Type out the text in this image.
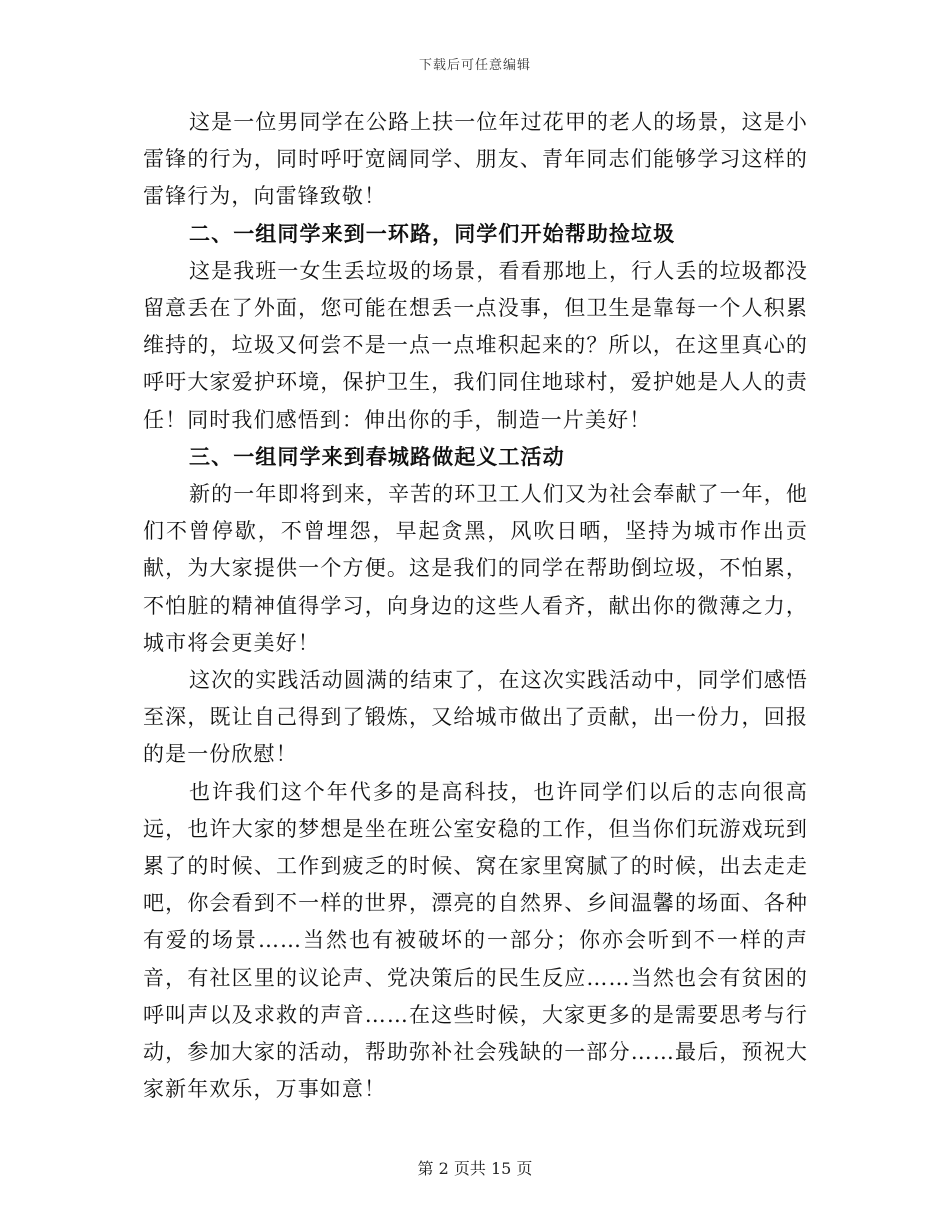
下载后可任意编辑

这是一位男同学在公路上扶一位年过花甲的老人的场景，这是小雷锋的行为，同时呼吁宽阔同学、朋友、青年同志们能够学习这样的雷锋行为，向雷锋致敬！

二、一组同学来到一环路，同学们开始帮助捡垃圾

这是我班一女生丢垃圾的场景，看看那地上，行人丢的垃圾都没留意丢在了外面，您可能在想丢一点没事，但卫生是靠每一个人积累维持的，垃圾又何尝不是一点一点堆积起来的？所以，在这里真心的呼吁大家爱护环境，保护卫生，我们同住地球村，爱护她是人人的责任！同时我们感悟到：伸出你的手，制造一片美好！

三、一组同学来到春城路做起义工活动

新的一年即将到来，辛苦的环卫工人们又为社会奉献了一年，他们不曾停歇，不曾埋怨，早起贪黑，风吹日晒，坚持为城市作出贡献，为大家提供一个方便。这是我们的同学在帮助倒垃圾，不怕累，不怕脏的精神值得学习，向身边的这些人看齐，献出你的微薄之力，城市将会更美好！

这次的实践活动圆满的结束了，在这次实践活动中，同学们感悟至深，既让自己得到了锻炼，又给城市做出了贡献，出一份力，回报的是一份欣慰！

也许我们这个年代多的是高科技，也许同学们以后的志向很高远，也许大家的梦想是坐在班公室安稳的工作，但当你们玩游戏玩到累了的时候、工作到疲乏的时候、窝在家里窝腻了的时候，出去走走吧，你会看到不一样的世界，漂亮的自然界、乡间温馨的场面、各种有爱的场景……当然也有被破坏的一部分；你亦会听到不一样的声音，有社区里的议论声、党决策后的民生反应……当然也会有贫困的呼叫声以及求救的声音……在这些时候，大家更多的是需要思考与行动，参加大家的活动，帮助弥补社会残缺的一部分……最后，预祝大家新年欢乐，万事如意！

第 2 页共 15 页
